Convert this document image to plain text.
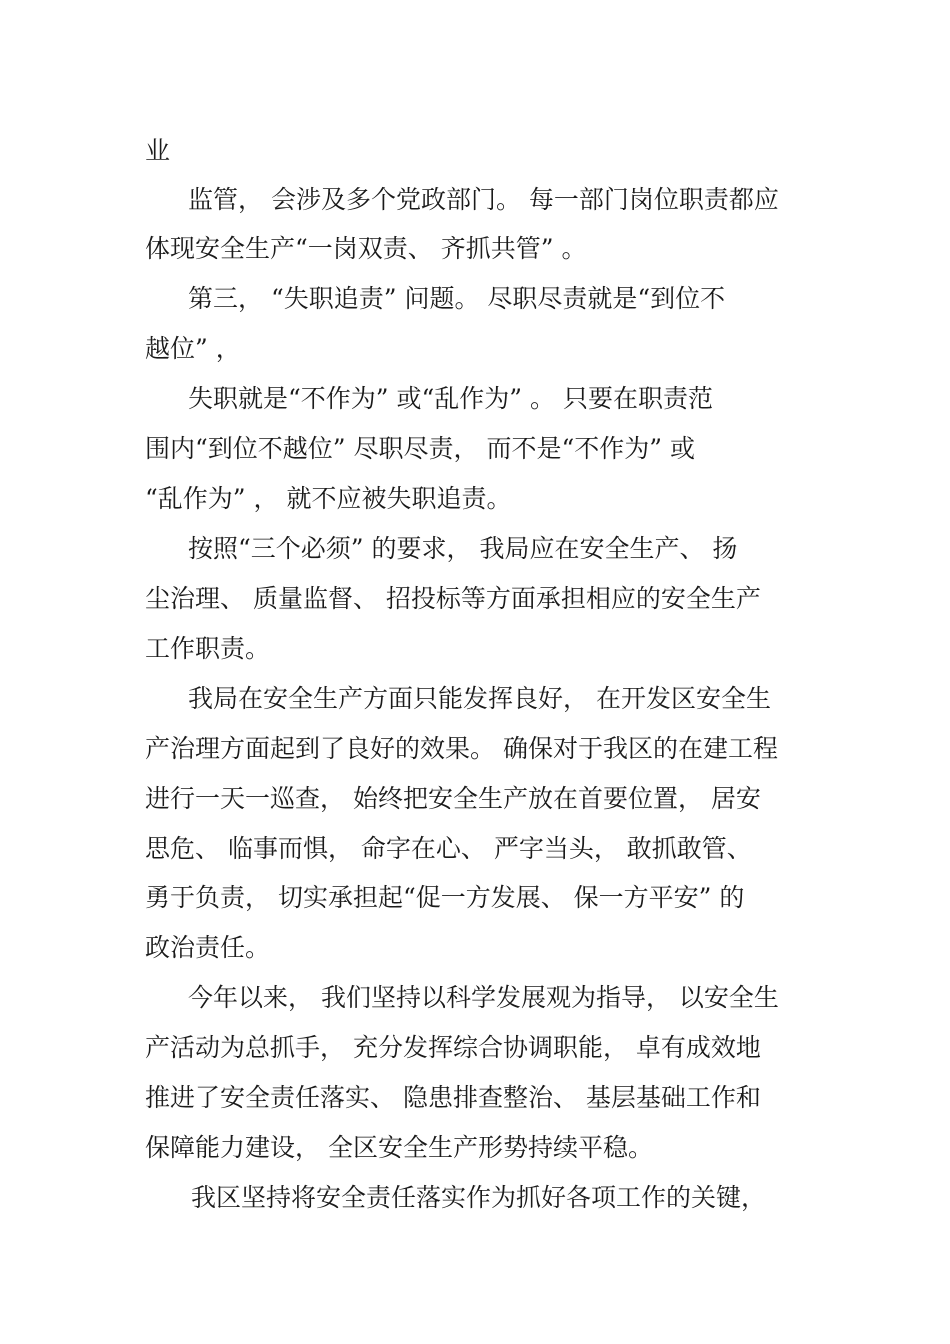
业
监管， 会涉及多个党政部门。 每一部门岗位职责都应
体现安全生产“一岗双责、 齐抓共管” 。
第三， “失职追责” 问题。 尽职尽责就是“到位不
越位” ，
失职就是“不作为” 或“乱作为” 。 只要在职责范
围内“到位不越位” 尽职尽责， 而不是“不作为” 或
“乱作为” ， 就不应被失职追责。
按照“三个必须” 的要求， 我局应在安全生产、 扬
尘治理、 质量监督、 招投标等方面承担相应的安全生产
工作职责。
我局在安全生产方面只能发挥良好， 在开发区安全生
产治理方面起到了良好的效果。 确保对于我区的在建工程
进行一天一巡查， 始终把安全生产放在首要位置， 居安
思危、 临事而惧， 命字在心、 严字当头， 敢抓敢管、
勇于负责， 切实承担起“促一方发展、 保一方平安” 的
政治责任。
今年以来， 我们坚持以科学发展观为指导， 以安全生
产活动为总抓手， 充分发挥综合协调职能， 卓有成效地
推进了安全责任落实、 隐患排查整治、 基层基础工作和
保障能力建设， 全区安全生产形势持续平稳。
我区坚持将安全责任落实作为抓好各项工作的关键，
